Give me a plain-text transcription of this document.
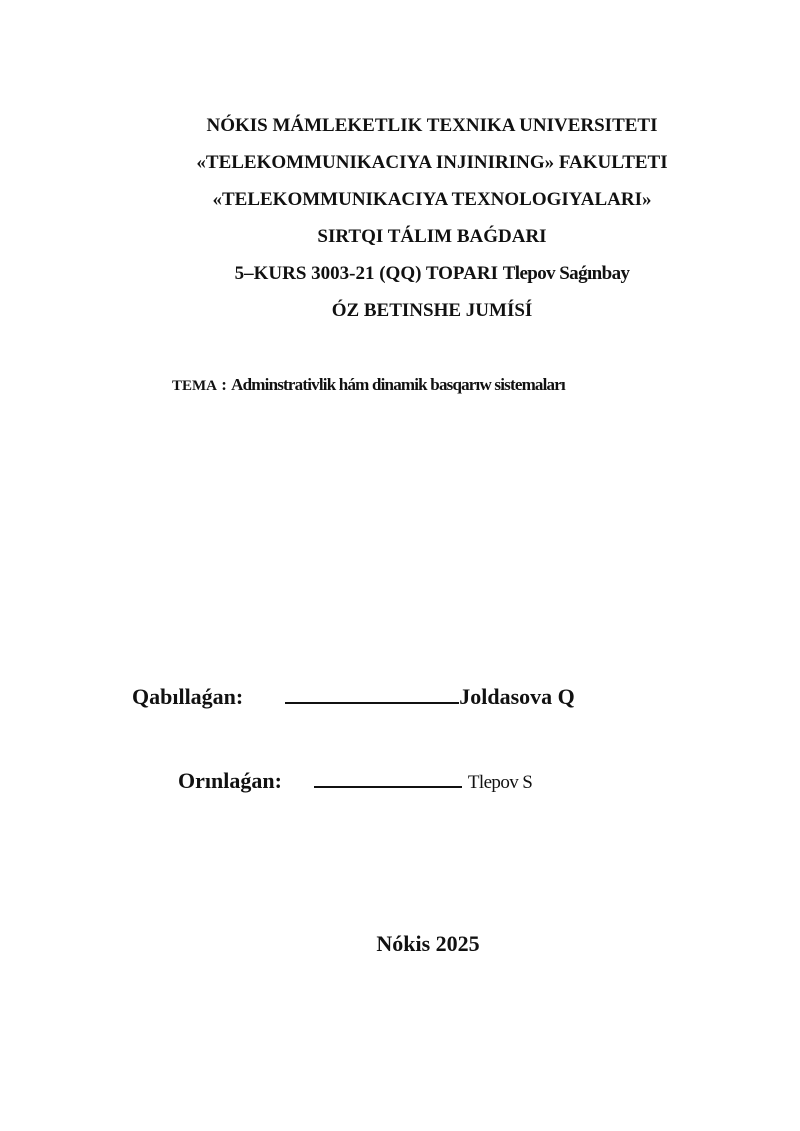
NÓKIS MÁMLEKETLIK TEXNIKA UNIVERSITETI
«TELEKOMMUNIKACIYA INJINIRING» FAKULTETI
«TELEKOMMUNIKACIYA TEXNOLOGIYALARI»
SIRTQI TÁLIM BAǴDARI
5–KURS 3003-21 (QQ) TOPARI Tlepov Saǵınbay
ÓZ BETINSHE JUMÍSÍ
TEMA : Adminstrativlik hám dinamik basqarıw sistemaları
Qabıllaǵan:	Joldasova Q
Orınlaǵan:	Tlepov S
Nókis 2025
